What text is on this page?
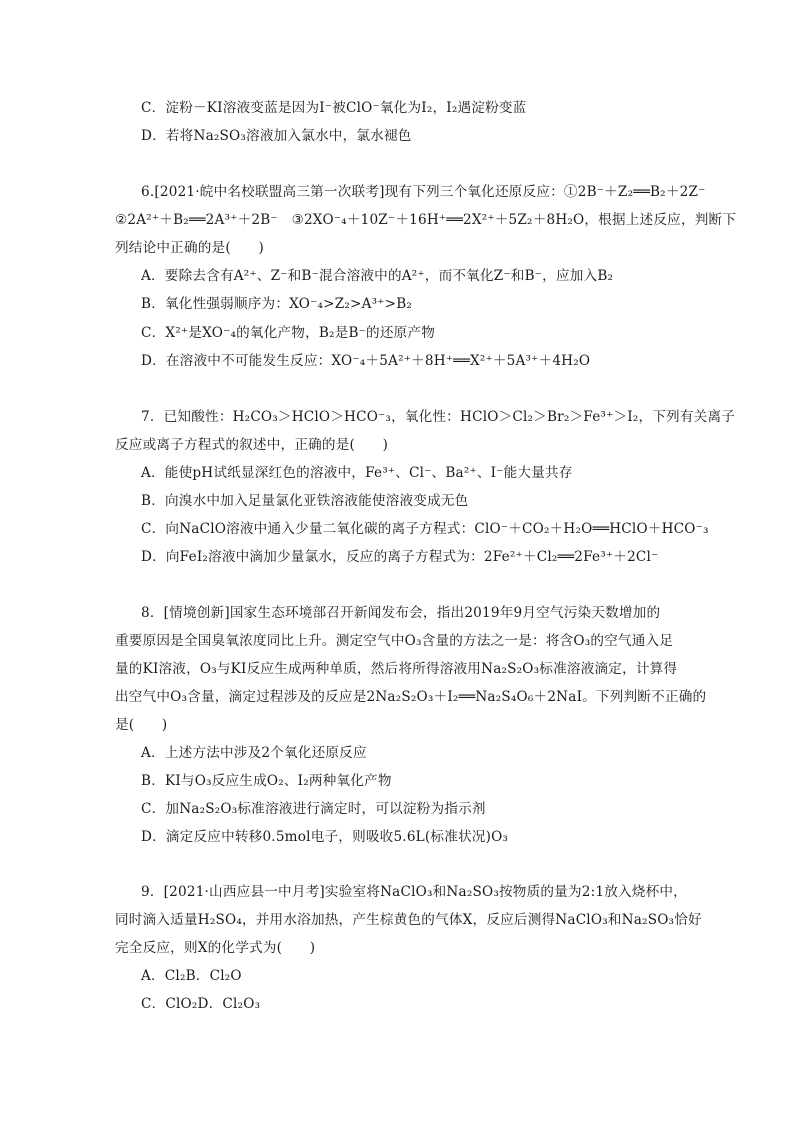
C．淀粉－KI溶液变蓝是因为I⁻被ClO⁻氧化为I₂，I₂遇淀粉变蓝
D．若将Na₂SO₃溶液加入氯水中，氯水褪色
6.[2021·皖中名校联盟高三第一次联考]现有下列三个氧化还原反应：①2B⁻＋Z₂══B₂＋2Z⁻
②2A²⁺＋B₂══2A³⁺＋2B⁻　③2XO⁻₄＋10Z⁻＋16H⁺══2X²⁺＋5Z₂＋8H₂O，根据上述反应，判断下
列结论中正确的是(　　)
A．要除去含有A²⁺、Z⁻和B⁻混合溶液中的A²⁺，而不氧化Z⁻和B⁻，应加入B₂
B．氧化性强弱顺序为：XO⁻₄>Z₂>A³⁺>B₂
C．X²⁺是XO⁻₄的氧化产物，B₂是B⁻的还原产物
D．在溶液中不可能发生反应：XO⁻₄＋5A²⁺＋8H⁺══X²⁺＋5A³⁺＋4H₂O
7．已知酸性：H₂CO₃＞HClO＞HCO⁻₃，氧化性：HClO＞Cl₂＞Br₂＞Fe³⁺＞I₂，下列有关离子
反应或离子方程式的叙述中，正确的是(　　)
A．能使pH试纸显深红色的溶液中，Fe³⁺、Cl⁻、Ba²⁺、I⁻能大量共存
B．向溴水中加入足量氯化亚铁溶液能使溶液变成无色
C．向NaClO溶液中通入少量二氧化碳的离子方程式：ClO⁻＋CO₂＋H₂O══HClO＋HCO⁻₃
D．向FeI₂溶液中滴加少量氯水，反应的离子方程式为：2Fe²⁺＋Cl₂══2Fe³⁺＋2Cl⁻
8．[情境创新]国家生态环境部召开新闻发布会，指出2019年9月空气污染天数增加的
重要原因是全国臭氧浓度同比上升。测定空气中O₃含量的方法之一是：将含O₃的空气通入足
量的KI溶液，O₃与KI反应生成两种单质，然后将所得溶液用Na₂S₂O₃标准溶液滴定，计算得
出空气中O₃含量，滴定过程涉及的反应是2Na₂S₂O₃＋I₂══Na₂S₄O₆＋2NaI。下列判断不正确的
是(　　)
A．上述方法中涉及2个氧化还原反应
B．KI与O₃反应生成O₂、I₂两种氧化产物
C．加Na₂S₂O₃标准溶液进行滴定时，可以淀粉为指示剂
D．滴定反应中转移0.5mol电子，则吸收5.6L(标准状况)O₃
9．[2021·山西应县一中月考]实验室将NaClO₃和Na₂SO₃按物质的量为2:1放入烧杯中，
同时滴入适量H₂SO₄，并用水浴加热，产生棕黄色的气体X，反应后测得NaClO₃和Na₂SO₃恰好
完全反应，则X的化学式为(　　)
A．Cl₂B．Cl₂O
C．ClO₂D．Cl₂O₃
